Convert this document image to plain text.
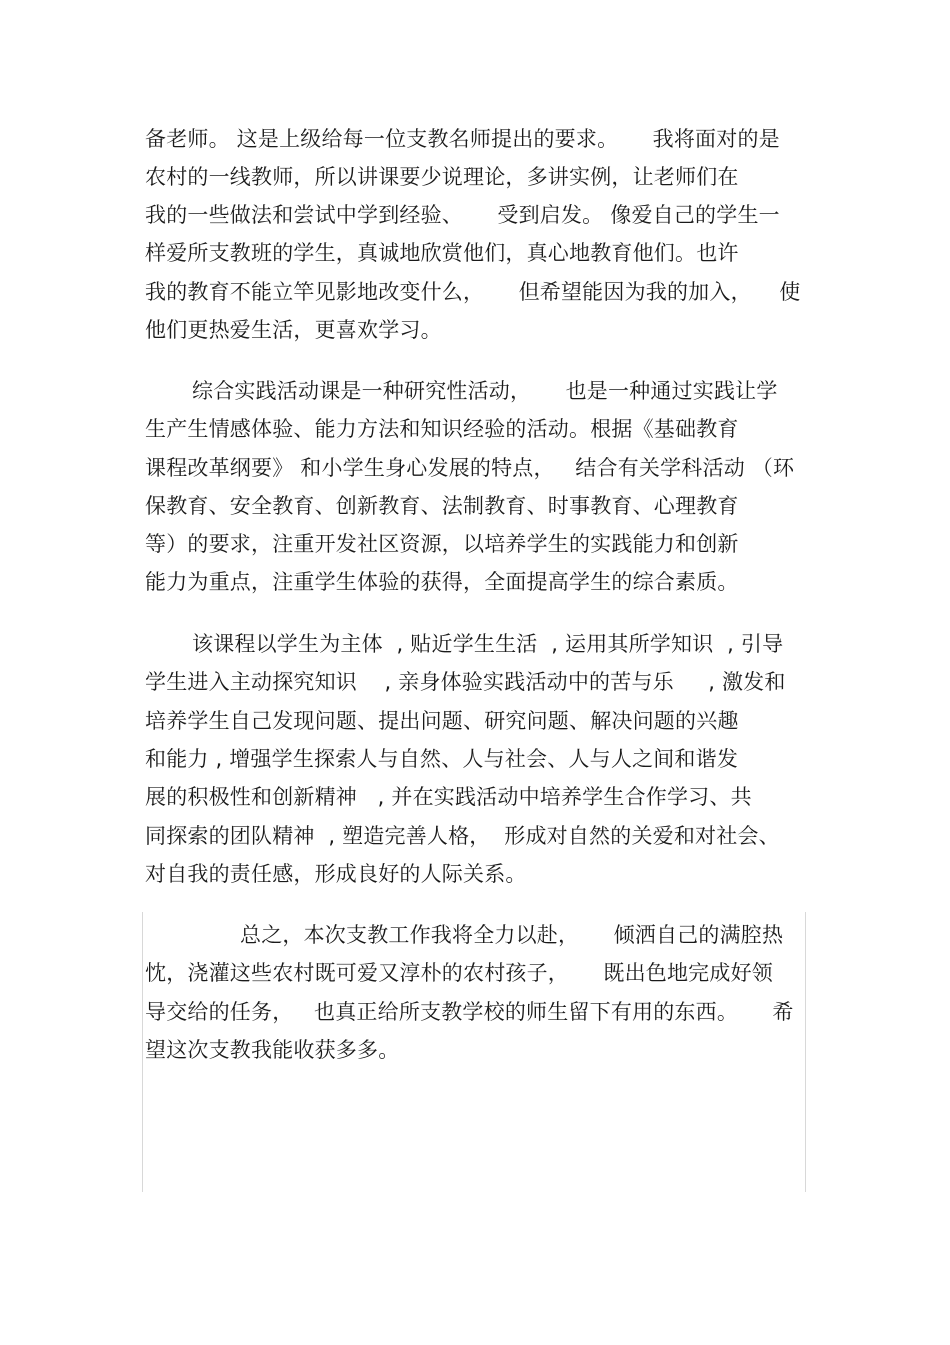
备老师。 这是上级给每一位支教名师提出的要求。     我将面对的是
农村的一线教师，所以讲课要少说理论，多讲实例，让老师们在
我的一些做法和尝试中学到经验、     受到启发。 像爱自己的学生一
样爱所支教班的学生，真诚地欣赏他们，真心地教育他们。也许
我的教育不能立竿见影地改变什么，     但希望能因为我的加入，    使
他们更热爱生活，更喜欢学习。
综合实践活动课是一种研究性活动，     也是一种通过实践让学
生产生情感体验、能力方法和知识经验的活动。根据《基础教育
课程改革纲要》 和小学生身心发展的特点，   结合有关学科活动 （环
保教育、安全教育、创新教育、法制教育、时事教育、心理教育
等）的要求，注重开发社区资源，以培养学生的实践能力和创新
能力为重点，注重学生体验的获得，全面提高学生的综合素质。
该课程以学生为主体  , 贴近学生生活  , 运用其所学知识  , 引导
学生进入主动探究知识    , 亲身体验实践活动中的苦与乐     , 激发和
培养学生自己发现问题、提出问题、研究问题、解决问题的兴趣
和能力 , 增强学生探索人与自然、人与社会、人与人之间和谐发
展的积极性和创新精神   , 并在实践活动中培养学生合作学习、共
同探索的团队精神  , 塑造完善人格，  形成对自然的关爱和对社会、
对自我的责任感，形成良好的人际关系。
总之，本次支教工作我将全力以赴，     倾洒自己的满腔热
忱，浇灌这些农村既可爱又淳朴的农村孩子，     既出色地完成好领
导交给的任务，   也真正给所支教学校的师生留下有用的东西。     希
望这次支教我能收获多多。
